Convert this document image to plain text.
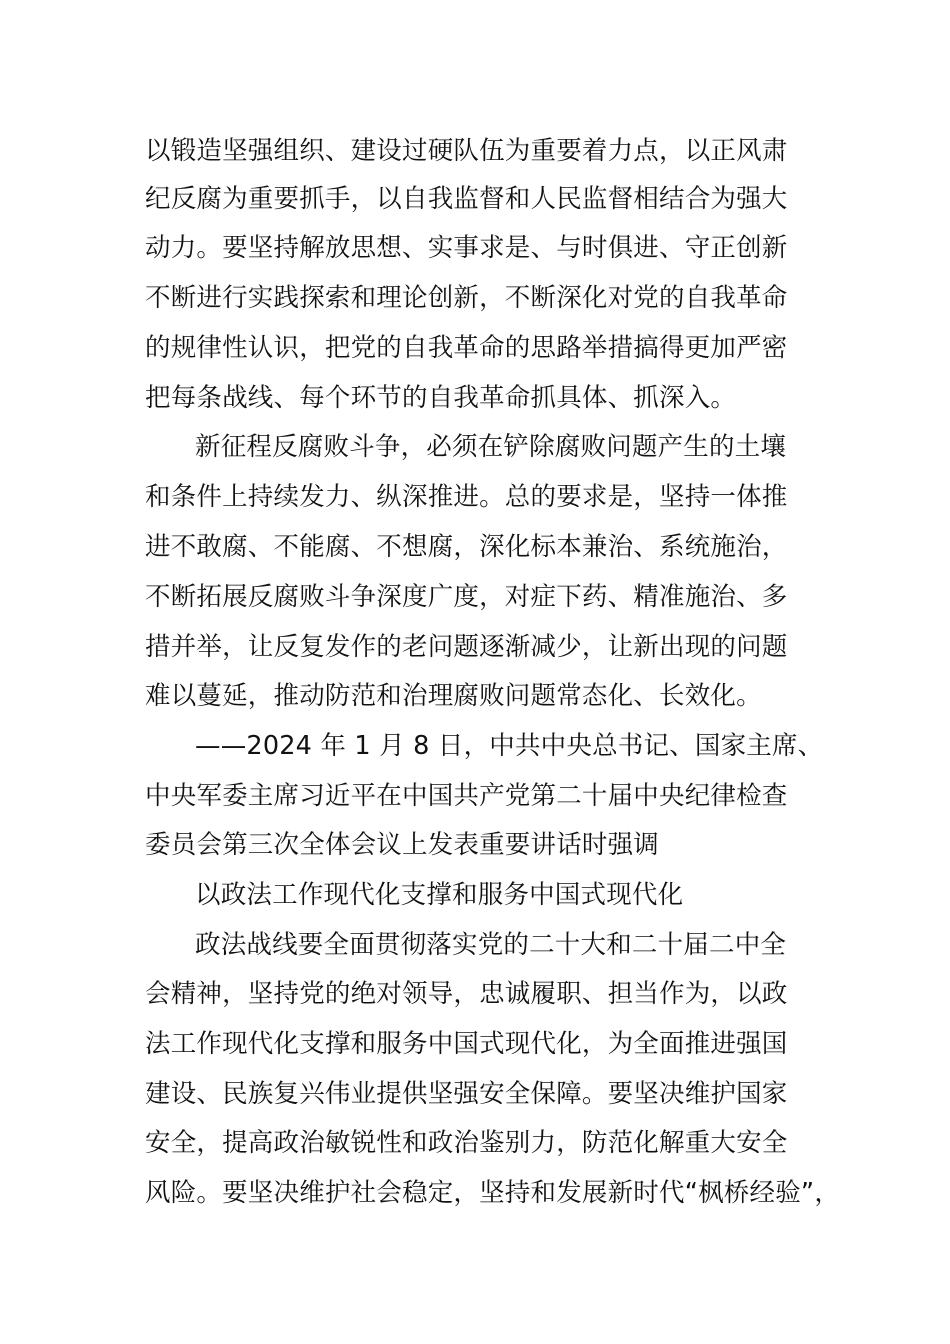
以锻造坚强组织、建设过硬队伍为重要着力点，以正风肃
纪反腐为重要抓手，以自我监督和人民监督相结合为强大
动力。要坚持解放思想、实事求是、与时俱进、守正创新
不断进行实践探索和理论创新，不断深化对党的自我革命
的规律性认识，把党的自我革命的思路举措搞得更加严密
把每条战线、每个环节的自我革命抓具体、抓深入。
新征程反腐败斗争，必须在铲除腐败问题产生的土壤
和条件上持续发力、纵深推进。总的要求是，坚持一体推
进不敢腐、不能腐、不想腐，深化标本兼治、系统施治，
不断拓展反腐败斗争深度广度，对症下药、精准施治、多
措并举，让反复发作的老问题逐渐减少，让新出现的问题
难以蔓延，推动防范和治理腐败问题常态化、长效化。
——2024 年 1 月 8 日，中共中央总书记、国家主席、
中央军委主席习近平在中国共产党第二十届中央纪律检查
委员会第三次全体会议上发表重要讲话时强调
以政法工作现代化支撑和服务中国式现代化
政法战线要全面贯彻落实党的二十大和二十届二中全
会精神，坚持党的绝对领导，忠诚履职、担当作为，以政
法工作现代化支撑和服务中国式现代化，为全面推进强国
建设、民族复兴伟业提供坚强安全保障。要坚决维护国家
安全，提高政治敏锐性和政治鉴别力，防范化解重大安全
风险。要坚决维护社会稳定，坚持和发展新时代“枫桥经验”，
